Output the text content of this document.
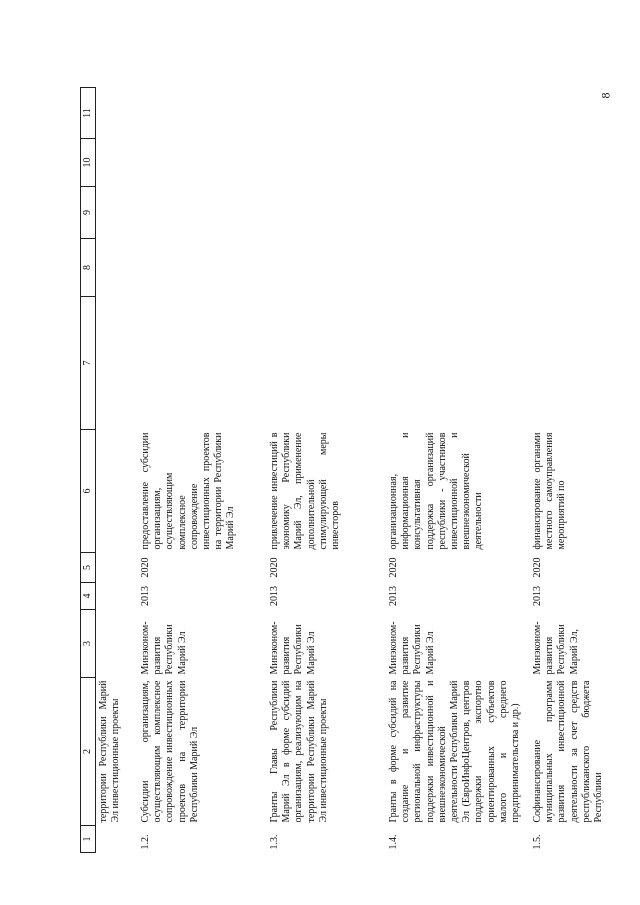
8
1	2	3	4	5	6	7	8	9	10	11
	территории Республики Марий Эл инвестиционные проекты									
1.2.	Субсидии организациям, осуществляющим комплексное сопровождение инвестиционных проектов на территории Республики Марий Эл	Минэконом-развития Республики Марий Эл	2013	2020	предоставление субсидии организациям, осуществляющим комплексное сопровождение инвестиционных проектов на территории Республики Марий Эл					
1.3.	Гранты Главы Республики Марий Эл в форме субсидий организациям, реализующим на территории Республики Марий Эл инвестиционные проекты	Минэконом-развития Республики Марий Эл	2013	2020	привлечение инвестиций в экономику Республики Марий Эл, применение дополнительной стимулирующей меры инвесторов					
1.4.	Гранты в форме субсидий на создание и развитие региональной инфраструктуры поддержки инвестиционной и внешнеэкономической деятельности Республики Марий Эл (ЕвроИнфоЦентров, центров поддержки экспортно ориентированных субъектов малого и среднего предпринимательства и др.)	Минэконом-развития Республики Марий Эл	2013	2020	организационная, информационная и консультативная поддержка организаций республики - участников инвестиционной и внешнеэкономической деятельности					
1.5.	Софинансирование муниципальных программ развития инвестиционной деятельности за счет средств республиканского бюджета Республики	Минэконом-развития Республики Марий Эл,	2013	2020	финансирование органами местного самоуправления мероприятий по					
